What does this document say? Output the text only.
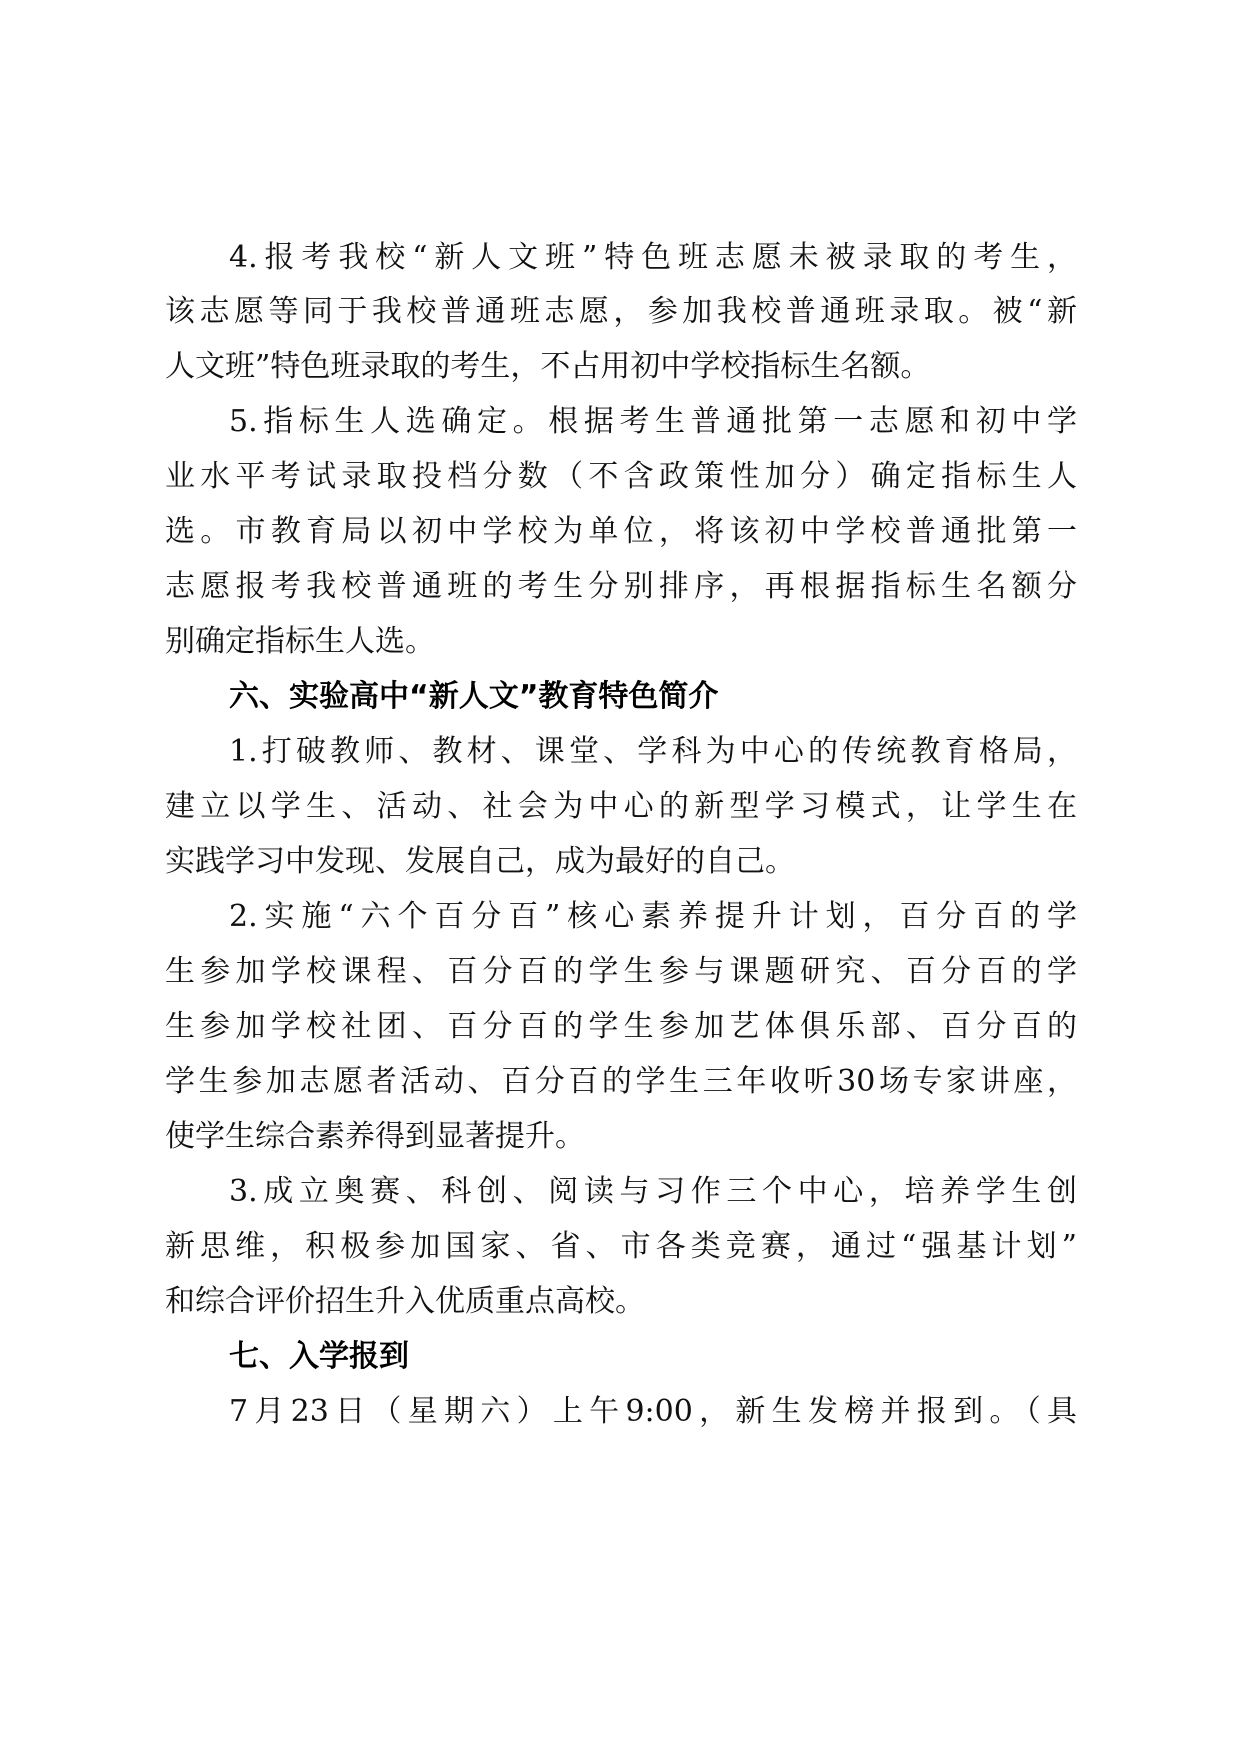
4.报考我校“新人文班”特色班志愿未被录取的考生，
该志愿等同于我校普通班志愿，参加我校普通班录取。被“新
人文班”特色班录取的考生，不占用初中学校指标生名额。
5.指标生人选确定。根据考生普通批第一志愿和初中学
业水平考试录取投档分数（不含政策性加分）确定指标生人
选。市教育局以初中学校为单位，将该初中学校普通批第一
志愿报考我校普通班的考生分别排序，再根据指标生名额分
别确定指标生人选。
六、实验高中“新人文”教育特色简介
1.打破教师、教材、课堂、学科为中心的传统教育格局，
建立以学生、活动、社会为中心的新型学习模式，让学生在
实践学习中发现、发展自己，成为最好的自己。
2.实施“六个百分百”核心素养提升计划，百分百的学
生参加学校课程、百分百的学生参与课题研究、百分百的学
生参加学校社团、百分百的学生参加艺体俱乐部、百分百的
学生参加志愿者活动、百分百的学生三年收听30场专家讲座，
使学生综合素养得到显著提升。
3.成立奥赛、科创、阅读与习作三个中心，培养学生创
新思维，积极参加国家、省、市各类竞赛，通过“强基计划”
和综合评价招生升入优质重点高校。
七、入学报到
7月23日（星期六）上午9:00，新生发榜并报到。（具
